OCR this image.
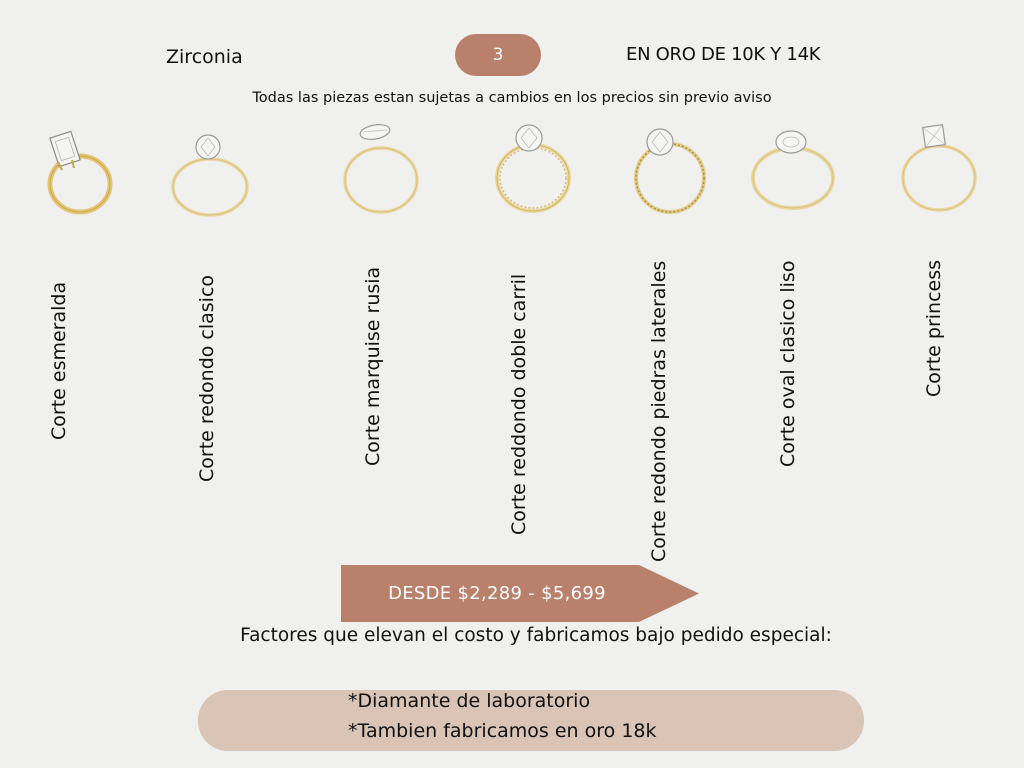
Zirconia	3	EN ORO DE 10K Y 14K
Todas las piezas estan sujetas a cambios en los precios sin previo aviso
Corte esmeralda	Corte redondo clasico	Corte marquise rusia	Corte reddondo doble carril	Corte redondo piedras laterales	Corte oval clasico liso	Corte princess
DESDE $2,289 - $5,699
Factores que elevan el costo y fabricamos bajo pedido especial:
*Diamante de laboratorio
*Tambien fabricamos en oro 18k
